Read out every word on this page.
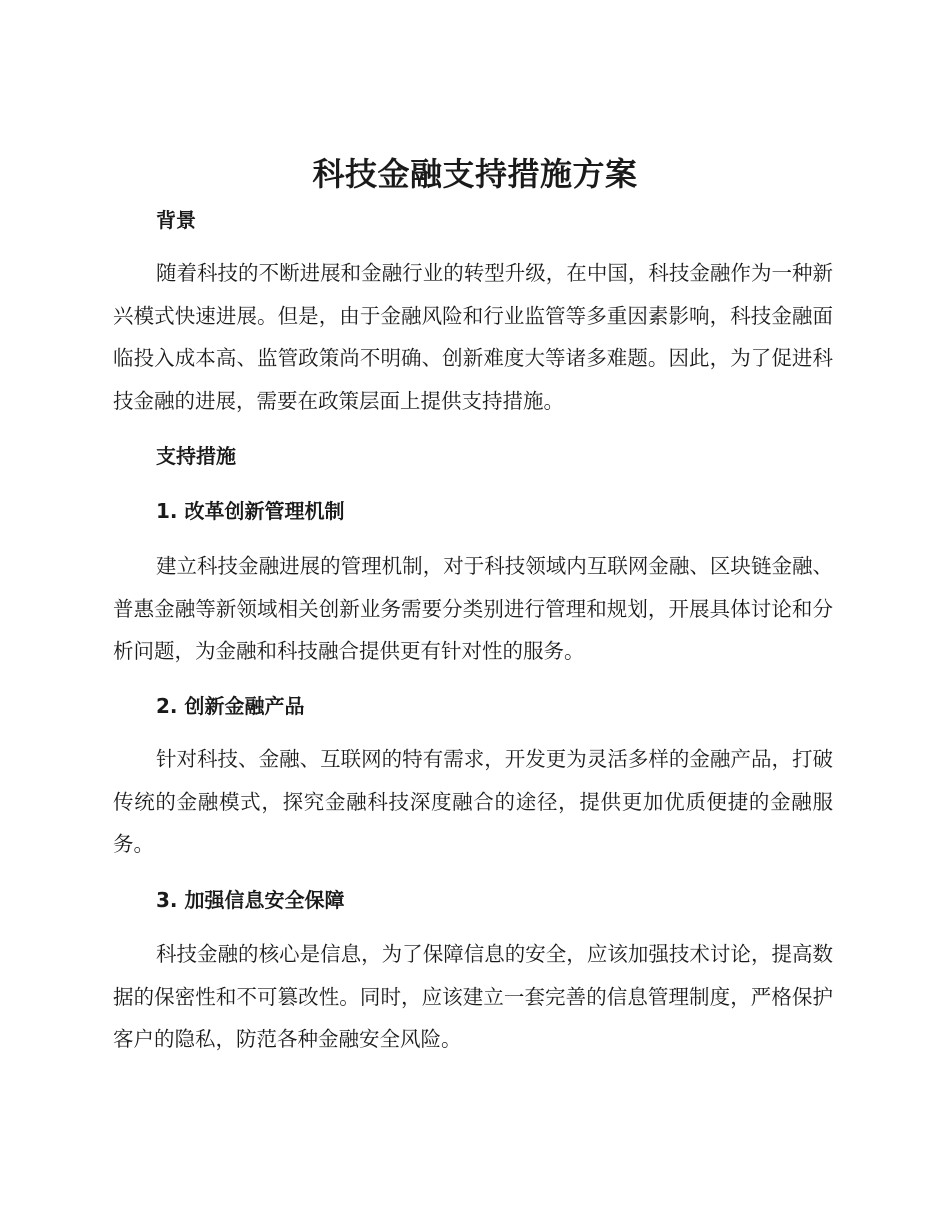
科技金融支持措施方案
背景

随着科技的不断进展和金融行业的转型升级，在中国，科技金融作为一种新兴模式快速进展。但是，由于金融风险和行业监管等多重因素影响，科技金融面临投入成本高、监管政策尚不明确、创新难度大等诸多难题。因此，为了促进科技金融的进展，需要在政策层面上提供支持措施。

支持措施
1. 改革创新管理机制

建立科技金融进展的管理机制，对于科技领域内互联网金融、区块链金融、普惠金融等新领域相关创新业务需要分类别进行管理和规划，开展具体讨论和分析问题，为金融和科技融合提供更有针对性的服务。

2. 创新金融产品

针对科技、金融、互联网的特有需求，开发更为灵活多样的金融产品，打破传统的金融模式，探究金融科技深度融合的途径，提供更加优质便捷的金融服务。

3. 加强信息安全保障

科技金融的核心是信息，为了保障信息的安全，应该加强技术讨论，提高数据的保密性和不可篡改性。同时，应该建立一套完善的信息管理制度，严格保护客户的隐私，防范各种金融安全风险。
